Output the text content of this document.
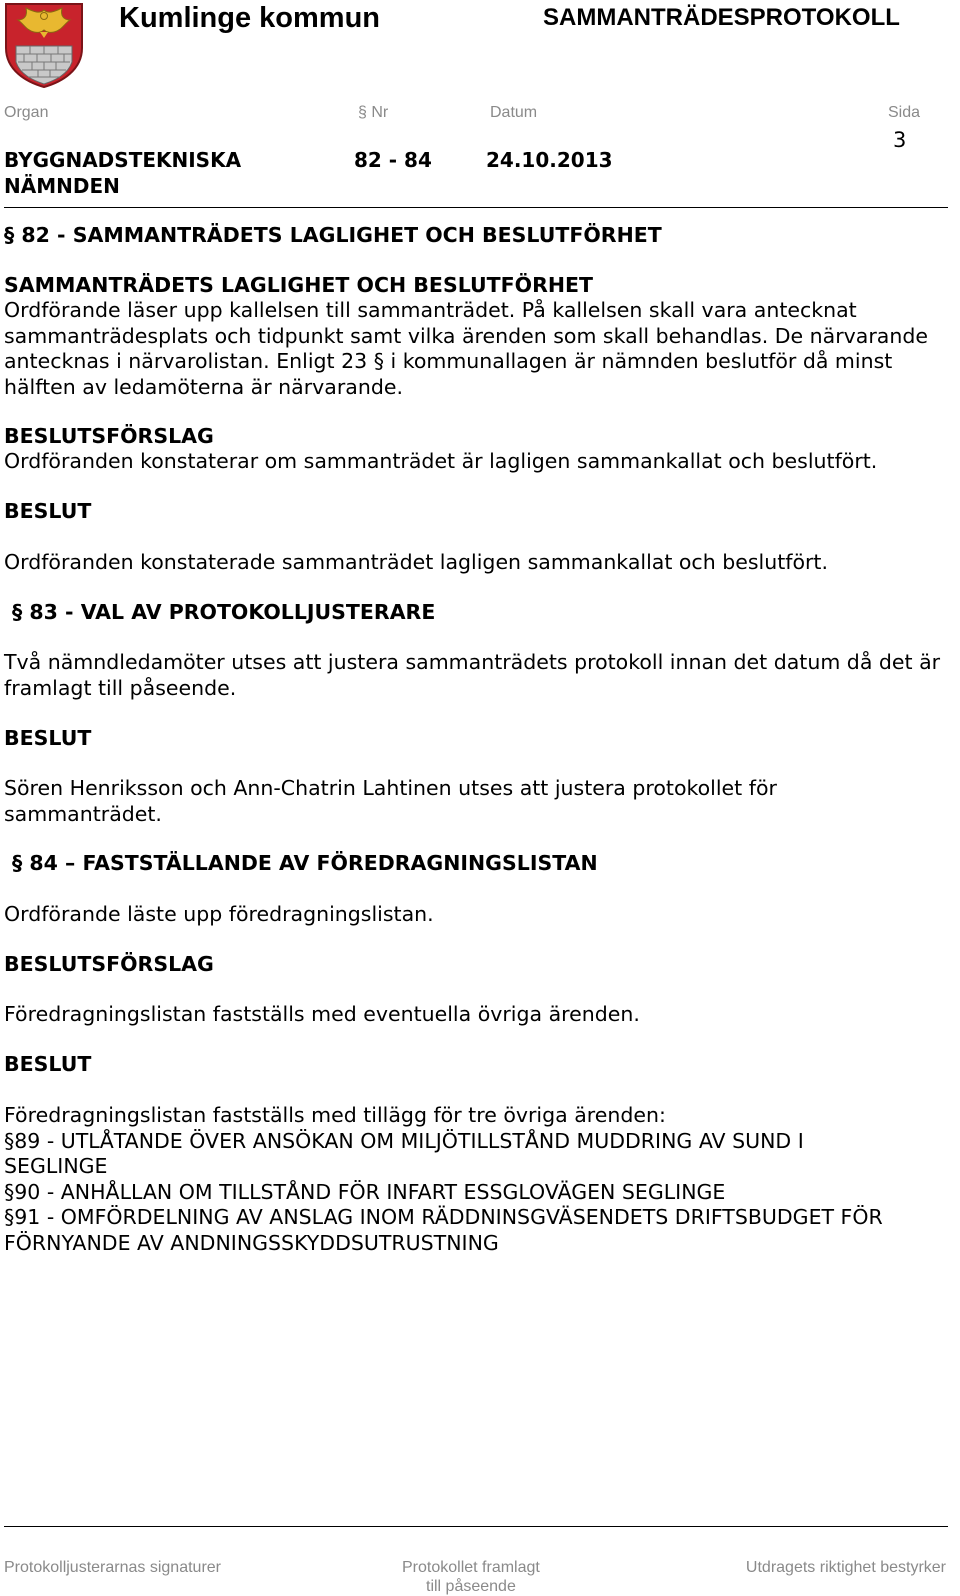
Kumlinge kommun	SAMMANTRÄDESPROTOKOLL
Organ	§ Nr	Datum	Sida
BYGGNADSTEKNISKA
NÄMNDEN
82 - 84	24.10.2013
3
§ 82 - SAMMANTRÄDETS LAGLIGHET OCH BESLUTFÖRHET
SAMMANTRÄDETS LAGLIGHET OCH BESLUTFÖRHET

Ordförande läser upp kallelsen till sammanträdet. På kallelsen skall vara antecknat sammanträdesplats och tidpunkt samt vilka ärenden som skall behandlas. De närvarande antecknas i närvarolistan. Enligt 23 § i kommunallagen är nämnden beslutför då minst hälften av ledamöterna är närvarande.

BESLUTSFÖRSLAG

Ordföranden konstaterar om sammanträdet är lagligen sammankallat och beslutfört.

BESLUT

Ordföranden konstaterade sammanträdet lagligen sammankallat och beslutfört.

§ 83 - VAL AV PROTOKOLLJUSTERARE

Två nämndledamöter utses att justera sammanträdets protokoll innan det datum då det är framlagt till påseende.

BESLUT

Sören Henriksson och Ann-Chatrin Lahtinen utses att justera protokollet för sammanträdet.

§ 84 – FASTSTÄLLANDE AV FÖREDRAGNINGSLISTAN

Ordförande läste upp föredragningslistan.

BESLUTSFÖRSLAG

Föredragningslistan fastställs med eventuella övriga ärenden.

BESLUT
Föredragningslistan fastställs med tillägg för tre övriga ärenden:
§89 - UTLÅTANDE ÖVER ANSÖKAN OM MILJÖTILLSTÅND MUDDRING AV SUND I SEGLINGE
§90 - ANHÅLLAN OM TILLSTÅND FÖR INFART ESSGLOVÄGEN SEGLINGE
§91 - OMFÖRDELNING AV ANSLAG INOM RÄDDNINSGVÄSENDETS DRIFTSBUDGET FÖR FÖRNYANDE AV ANDNINGSSKYDDSUTRUSTNING
Protokolljusterarnas signaturer	Protokollet framlagt
till påseende
Utdragets riktighet bestyrker
